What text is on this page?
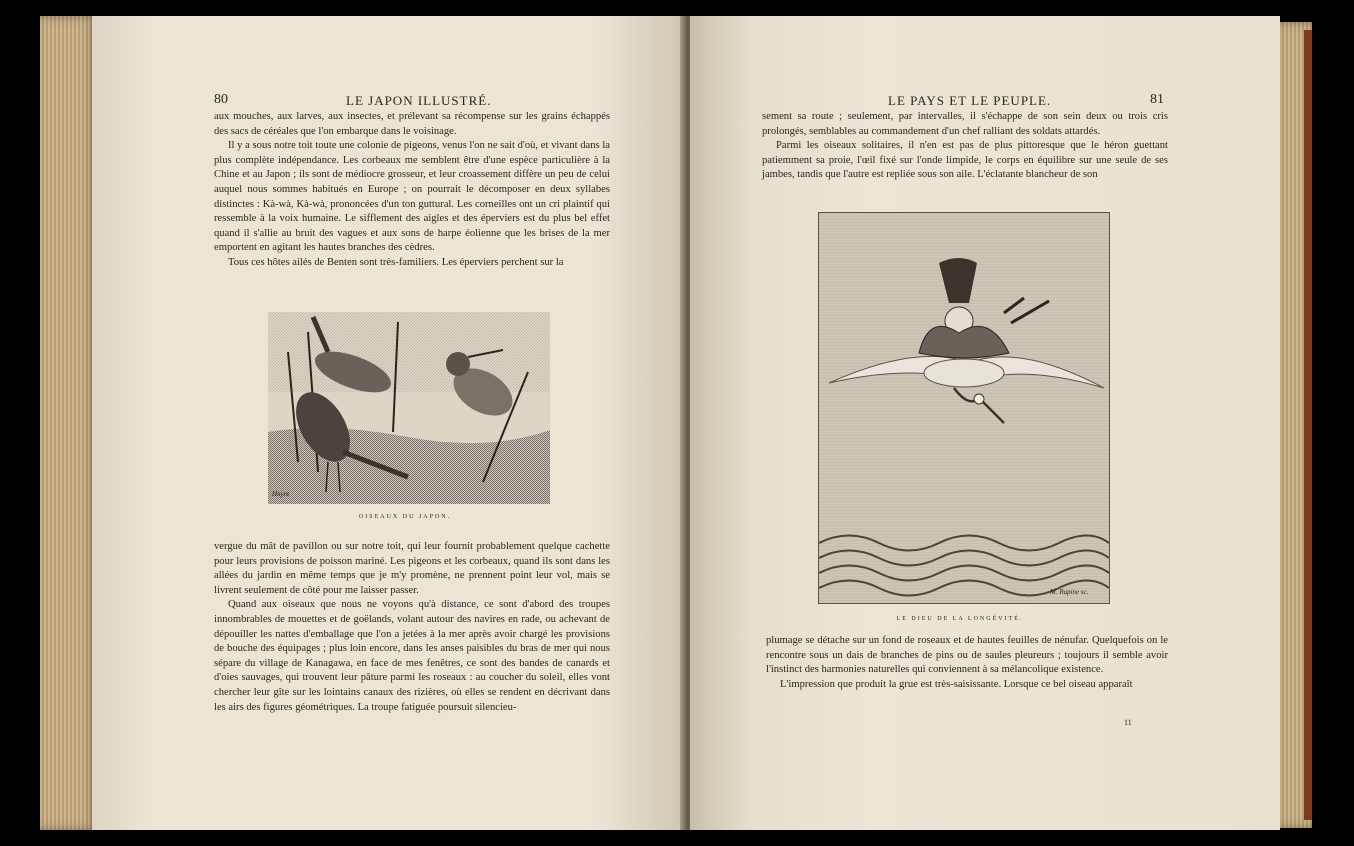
80	LE JAPON ILLUSTRÉ.

aux mouches, aux larves, aux insectes, et prélevant sa récompense sur les grains échappés des sacs de céréales que l'on embarque dans le voisinage.

Il y a sous notre toit toute une colonie de pigeons, venus l'on ne sait d'où, et vivant dans la plus complète indépendance. Les corbeaux me semblent être d'une espèce particulière à la Chine et au Japon ; ils sont de médiocre grosseur, et leur croassement diffère un peu de celui auquel nous sommes habitués en Europe ; on pourrait le décomposer en deux syllabes distinctes : Kà-wà, Kà-wà, prononcées d'un ton guttural. Les corneilles ont un cri plaintif qui ressemble à la voix humaine. Le sifflement des aigles et des éperviers est du plus bel effet quand il s'allie au bruit des vagues et aux sons de harpe éolienne que les brises de la mer emportent en agitant les hautes branches des cèdres.

Tous ces hôtes ailés de Benten sont très-familiers. Les éperviers perchent sur la

Huyot
OISEAUX DU JAPON.

vergue du mât de pavillon ou sur notre toit, qui leur fournit probablement quelque cachette pour leurs provisions de poisson mariné. Les pigeons et les corbeaux, quand ils sont dans les allées du jardin en même temps que je m'y promène, ne prennent point leur vol, mais se livrent seulement de côté pour me laisser passer.

Quand aux oiseaux que nous ne voyons qu'à distance, ce sont d'abord des troupes innombrables de mouettes et de goëlands, volant autour des navires en rade, ou achevant de dépouiller les nattes d'emballage que l'on a jetées à la mer après avoir chargé les provisions de bouche des équipages ; plus loin encore, dans les anses paisibles du bras de mer qui nous sépare du village de Kanagawa, en face de mes fenêtres, ce sont des bandes de canards et d'oies sauvages, qui trouvent leur pâture parmi les roseaux : au coucher du soleil, elles vont chercher leur gîte sur les lointains canaux des rizières, où elles se rendent en décrivant dans les airs des figures géométriques. La troupe fatiguée poursuit silencieu-

LE PAYS ET LE PEUPLE.	81

sement sa route ; seulement, par intervalles, il s'échappe de son sein deux ou trois cris prolongés, semblables au commandement d'un chef ralliant des soldats attardés.

Parmi les oiseaux solitaires, il n'en est pas de plus pittoresque que le héron guettant patiemment sa proie, l'œil fixé sur l'onde limpide, le corps en équilibre sur une seule de ses jambes, tandis que l'autre est repliée sous son aile. L'éclatante blancheur de son

M. Rapine sc.
LE DIEU DE LA LONGÉVITÉ.

plumage se détache sur un fond de roseaux et de hautes feuilles de nénufar. Quelquefois on le rencontre sous un dais de branches de pins ou de saules pleureurs ; toujours il semble avoir l'instinct des harmonies naturelles qui conviennent à sa mélancolique existence.

L'impression que produit la grue est très-saisissante. Lorsque ce bel oiseau apparaît

11
